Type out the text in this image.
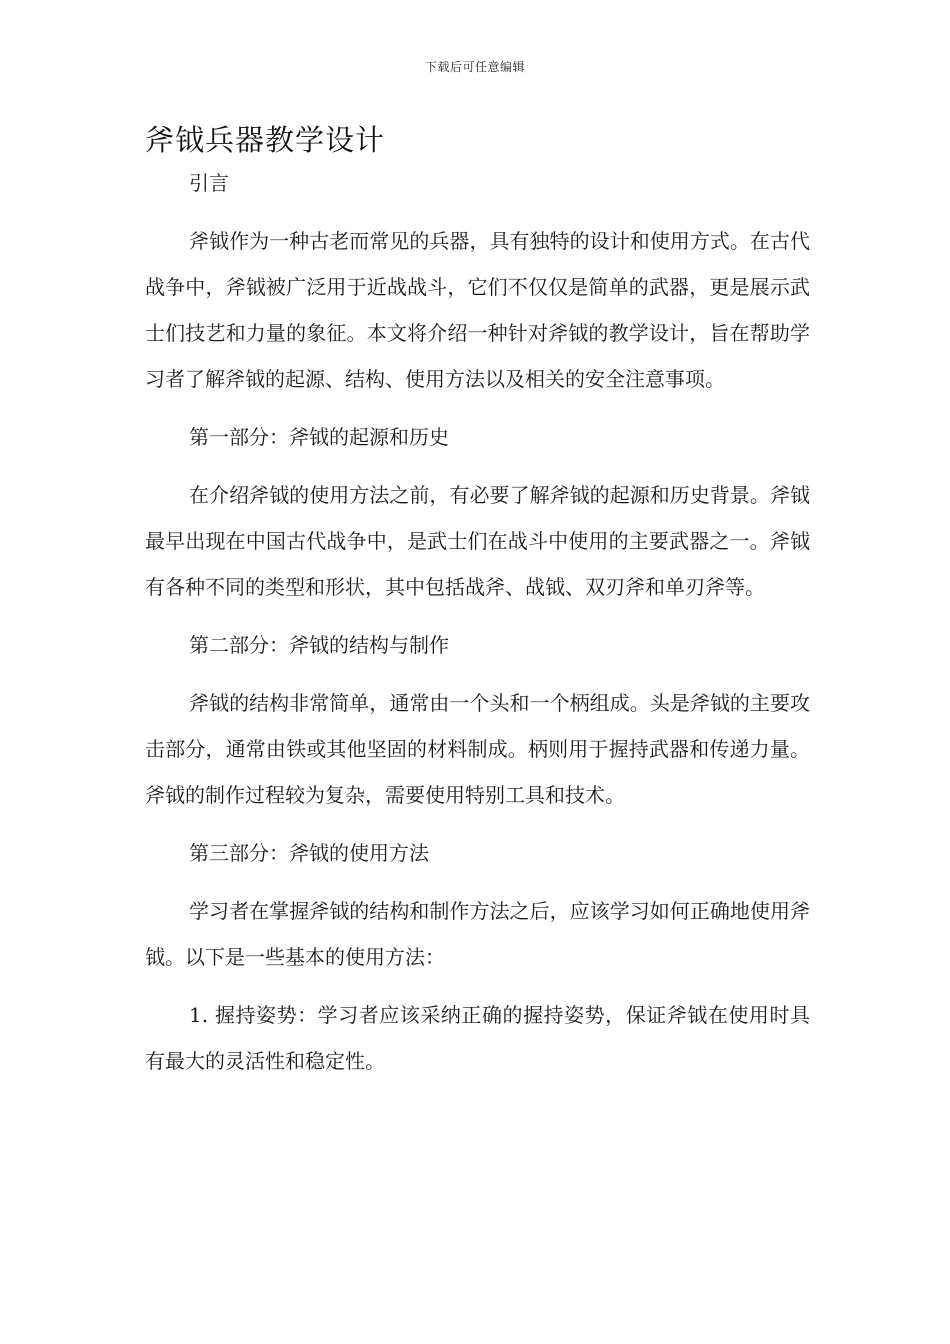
下载后可任意编辑
斧钺兵器教学设计

引言

斧钺作为一种古老而常见的兵器，具有独特的设计和使用方式。在古代战争中，斧钺被广泛用于近战战斗，它们不仅仅是简单的武器，更是展示武士们技艺和力量的象征。本文将介绍一种针对斧钺的教学设计，旨在帮助学习者了解斧钺的起源、结构、使用方法以及相关的安全注意事项。

第一部分：斧钺的起源和历史

在介绍斧钺的使用方法之前，有必要了解斧钺的起源和历史背景。斧钺最早出现在中国古代战争中，是武士们在战斗中使用的主要武器之一。斧钺有各种不同的类型和形状，其中包括战斧、战钺、双刃斧和单刃斧等。

第二部分：斧钺的结构与制作

斧钺的结构非常简单，通常由一个头和一个柄组成。头是斧钺的主要攻击部分，通常由铁或其他坚固的材料制成。柄则用于握持武器和传递力量。斧钺的制作过程较为复杂，需要使用特别工具和技术。

第三部分：斧钺的使用方法

学习者在掌握斧钺的结构和制作方法之后，应该学习如何正确地使用斧钺。以下是一些基本的使用方法：

1. 握持姿势：学习者应该采纳正确的握持姿势，保证斧钺在使用时具有最大的灵活性和稳定性。
